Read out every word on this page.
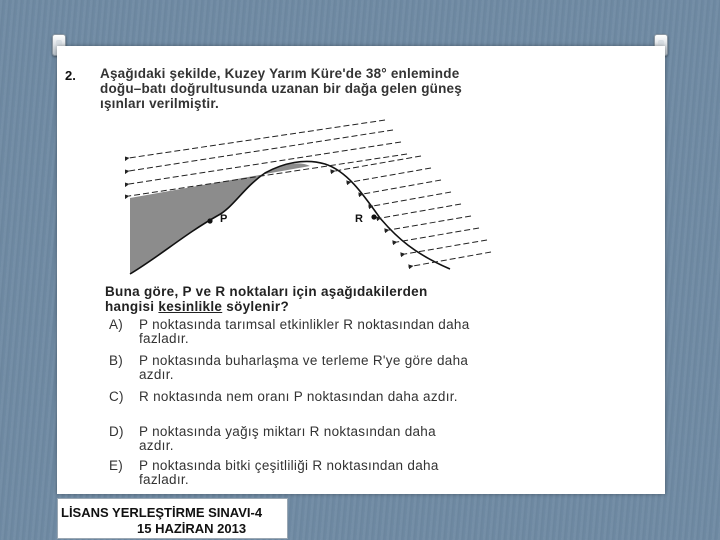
2. Aşağıdaki şekilde, Kuzey Yarım Küre'de 38° enleminde
doğu–batı doğrultusunda uzanan bir dağa gelen güneş
ışınları verilmiştir.
P	R
Buna göre, P ve R noktaları için aşağıdakilerden
hangisi kesinlikle söylenir?
A)	P noktasında tarımsal etkinlikler R noktasından daha
fazladır.
B)	P noktasında buharlaşma ve terleme R'ye göre daha
azdır.
C)	R noktasında nem oranı P noktasından daha azdır.
D)	P noktasında yağış miktarı R noktasından daha
azdır.
E)	P noktasında bitki çeşitliliği R noktasından daha
fazladır.
LİSANS YERLEŞTİRME SINAVI-4
15 HAZİRAN 2013
